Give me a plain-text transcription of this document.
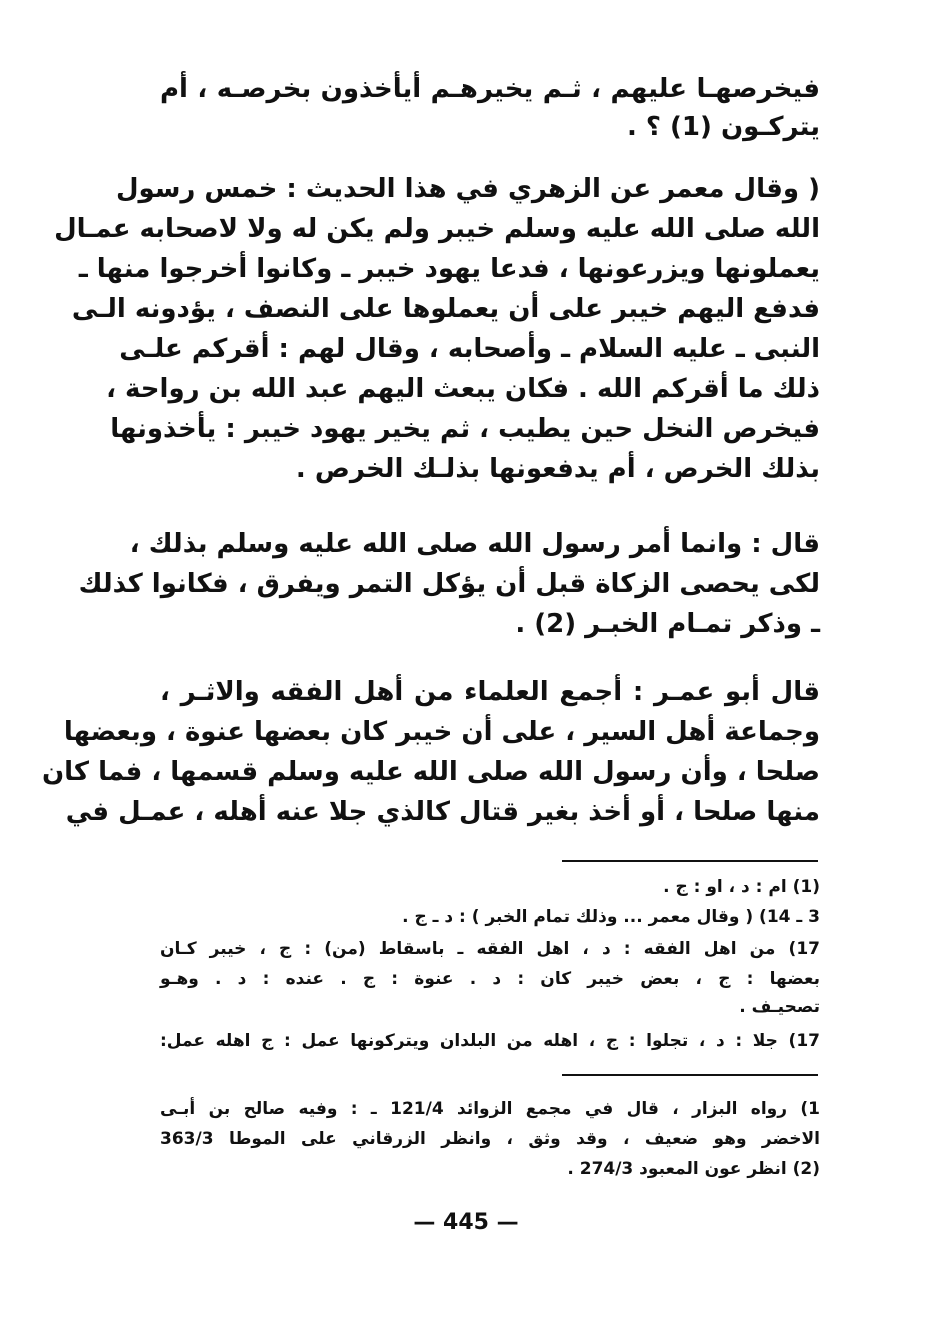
فيخرصهـا عليهم ، ثـم يخيرهـم أيأخذون بخرصـه ، أم
يتركـون (1) ؟ .
( وقال معمر عن الزهري في هذا الحديث : خمس رسول
الله صلى الله عليه وسلم خيبر ولم يكن له ولا لاصحابه عمـال
يعملونها ويزرعونها ، فدعا يهود خيبر ـ وكانوا أخرجوا منها ـ
فدفع اليهم خيبر على أن يعملوها على النصف ، يؤدونه الـى
النبى ـ عليه السلام ـ وأصحابه ، وقال لهم : أقركم علـى
ذلك ما أقركم الله . فكان يبعث اليهم عبد الله بن رواحة ،
فيخرص النخل حين يطيب ، ثم يخير يهود خيبر : يأخذونها
بذلك الخرص ، أم يدفعونها بذلـك الخرص .
قال : وانما أمر رسول الله صلى الله عليه وسلم بذلك ،
لكى يحصى الزكاة قبل أن يؤكل التمر ويفرق ، فكانوا كذلك
ـ وذكر تمـام الخبـر (2) .
قال أبو عمـر : أجمع العلماء من أهل الفقه والاثـر ،
وجماعة أهل السير ، على أن خيبر كان بعضها عنوة ، وبعضها
صلحا ، وأن رسول الله صلى الله عليه وسلم قسمها ، فما كان
منها صلحا ، أو أخذ بغير قتال كالذي جلا عنه أهله ، عمـل في
(1) ام : د ، او : ج .
3 ـ 14) ( وقال معمر ... وذلك تمام الخبر ) : د ـ ج .
17) من اهل الفقه : د ، اهل الفقه ـ باسقاط (من) : ج ، خيبر كـان
بعضها : ج ، بعض خيبر كان : د . عنوة : ج . عنده : د . وهـو
تصحيـف .
17) جلا : د ، تجلوا : ج ، اهله من البلدان ويتركونها عمل : ج اهله عمل:
1) رواه البزار ، قال في مجمع الزوائد 121/4 ـ : وفيه صالح بن أبـى
الاخضر وهو ضعيف ، وقد وثق ، وانظر الزرقاني على الموطا 363/3
(2) انظر عون المعبود 274/3 .
— 445 —
